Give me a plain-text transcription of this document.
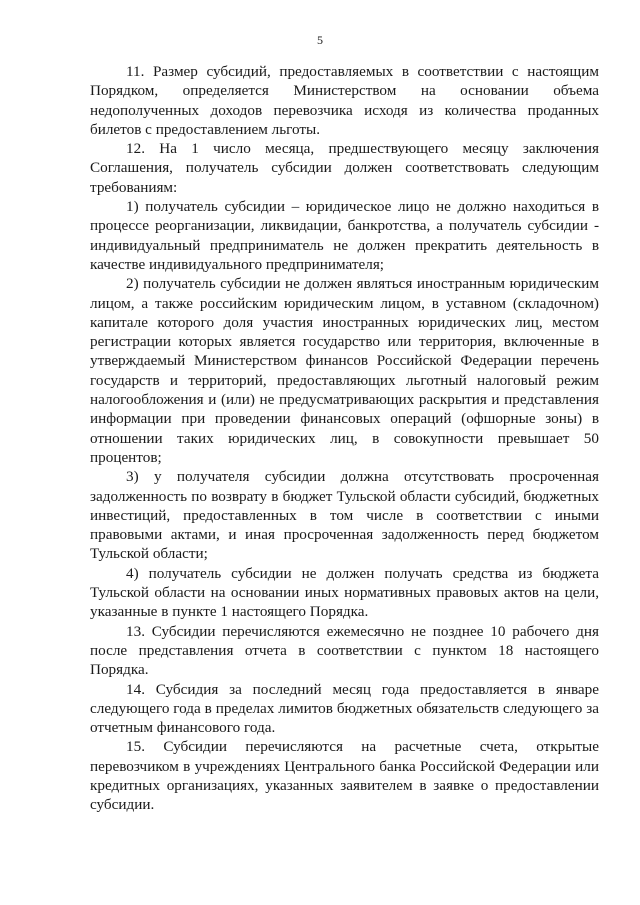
5

11. Размер субсидий, предоставляемых в соответствии с настоящим Порядком, определяется Министерством на основании объема недополученных доходов перевозчика исходя из количества проданных билетов с предоставлением льготы.

12. На 1 число месяца, предшествующего месяцу заключения Соглашения, получатель субсидии должен соответствовать следующим требованиям:

1) получатель субсидии – юридическое лицо не должно находиться в процессе реорганизации, ликвидации, банкротства, а получатель субсидии - индивидуальный предприниматель не должен прекратить деятельность в качестве индивидуального предпринимателя;

2) получатель субсидии не должен являться иностранным юридическим лицом, а также российским юридическим лицом, в уставном (складочном) капитале которого доля участия иностранных юридических лиц, местом регистрации которых является государство или территория, включенные в утверждаемый Министерством финансов Российской Федерации перечень государств и территорий, предоставляющих льготный налоговый режим налогообложения и (или) не предусматривающих раскрытия и представления информации при проведении финансовых операций (офшорные зоны) в отношении таких юридических лиц, в совокупности превышает 50 процентов;

3) у получателя субсидии должна отсутствовать просроченная задолженность по возврату в бюджет Тульской области субсидий, бюджетных инвестиций, предоставленных в том числе в соответствии с иными правовыми актами, и иная просроченная задолженность перед бюджетом Тульской области;

4) получатель субсидии не должен получать средства из бюджета Тульской области на основании иных нормативных правовых актов на цели, указанные в пункте 1 настоящего Порядка.

13. Субсидии перечисляются ежемесячно не позднее 10 рабочего дня после представления отчета в соответствии с пунктом 18 настоящего Порядка.

14. Субсидия за последний месяц года предоставляется в январе следующего года в пределах лимитов бюджетных обязательств следующего за отчетным финансового года.

15. Субсидии перечисляются на расчетные счета, открытые перевозчиком в учреждениях Центрального банка Российской Федерации или кредитных организациях, указанных заявителем в заявке о предоставлении субсидии.
